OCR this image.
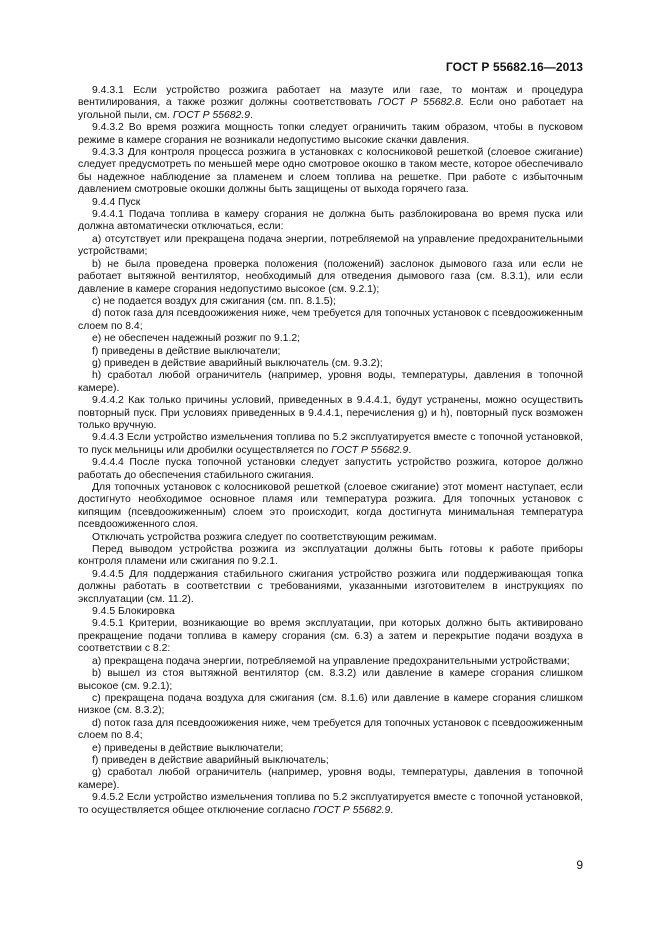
ГОСТ Р 55682.16—2013

9.4.3.1 Если устройство розжига работает на мазуте или газе, то монтаж и процедура вентилирования, а также розжиг должны соответствовать ГОСТ Р 55682.8. Если оно работает на угольной пыли, см. ГОСТ Р 55682.9.

9.4.3.2 Во время розжига мощность топки следует ограничить таким образом, чтобы в пусковом режиме в камере сгорания не возникали недопустимо высокие скачки давления.

9.4.3.3 Для контроля процесса розжига в установках с колосниковой решеткой (слоевое сжигание) следует предусмотреть по меньшей мере одно смотровое окошко в таком месте, которое обеспечивало бы надежное наблюдение за пламенем и слоем топлива на решетке. При работе с избыточным давлением смотровые окошки должны быть защищены от выхода горячего газа.

9.4.4 Пуск

9.4.4.1 Подача топлива в камеру сгорания не должна быть разблокирована во время пуска или должна автоматически отключаться, если:

a) отсутствует или прекращена подача энергии, потребляемой на управление предохранительными устройствами;

b) не была проведена проверка положения (положений) заслонок дымового газа или если не работает вытяжной вентилятор, необходимый для отведения дымового газа (см. 8.3.1), или если давление в камере сгорания недопустимо высокое (см. 9.2.1);

c) не подается воздух для сжигания (см. пп. 8.1.5);

d) поток газа для псевдоожижения ниже, чем требуется для топочных установок с псевдоожиженным слоем по 8.4;

e) не обеспечен надежный розжиг по 9.1.2;

f) приведены в действие выключатели;

g) приведен в действие аварийный выключатель (см. 9.3.2);

h) сработал любой ограничитель (например, уровня воды, температуры, давления в топочной камере).

9.4.4.2 Как только причины условий, приведенных в 9.4.4.1, будут устранены, можно осуществить повторный пуск. При условиях приведенных в 9.4.4.1, перечисления g) и h), повторный пуск возможен только вручную.

9.4.4.3 Если устройство измельчения топлива по 5.2 эксплуатируется вместе с топочной установкой, то пуск мельницы или дробилки осуществляется по ГОСТ Р 55682.9.

9.4.4.4 После пуска топочной установки следует запустить устройство розжига, которое должно работать до обеспечения стабильного сжигания.

Для топочных установок с колосниковой решеткой (слоевое сжигание) этот момент наступает, если достигнуто необходимое основное пламя или температура розжига. Для топочных установок с кипящим (псевдоожиженным) слоем это происходит, когда достигнута минимальная температура псевдоожиженного слоя.

Отключать устройства розжига следует по соответствующим режимам.

Перед выводом устройства розжига из эксплуатации должны быть готовы к работе приборы контроля пламени или сжигания по 9.2.1.

9.4.4.5 Для поддержания стабильного сжигания устройство розжига или поддерживающая топка должны работать в соответствии с требованиями, указанными изготовителем в инструкциях по эксплуатации (см. 11.2).

9.4.5 Блокировка

9.4.5.1 Критерии, возникающие во время эксплуатации, при которых должно быть активировано прекращение подачи топлива в камеру сгорания (см. 6.3) а затем и перекрытие подачи воздуха в соответствии с 8.2:

a) прекращена подача энергии, потребляемой на управление предохранительными устройствами;

b) вышел из стоя вытяжной вентилятор (см. 8.3.2) или давление в камере сгорания слишком высокое (см. 9.2.1);

c) прекращена подача воздуха для сжигания (см. 8.1.6) или давление в камере сгорания слишком низкое (см. 8.3.2);

d) поток газа для псевдоожижения ниже, чем требуется для топочных установок с псевдоожиженным слоем по 8.4;

e) приведены в действие выключатели;

f) приведен в действие аварийный выключатель;

g) сработал любой ограничитель (например, уровня воды, температуры, давления в топочной камере).

9.4.5.2 Если устройство измельчения топлива по 5.2 эксплуатируется вместе с топочной установкой, то осуществляется общее отключение согласно ГОСТ Р 55682.9.

9
